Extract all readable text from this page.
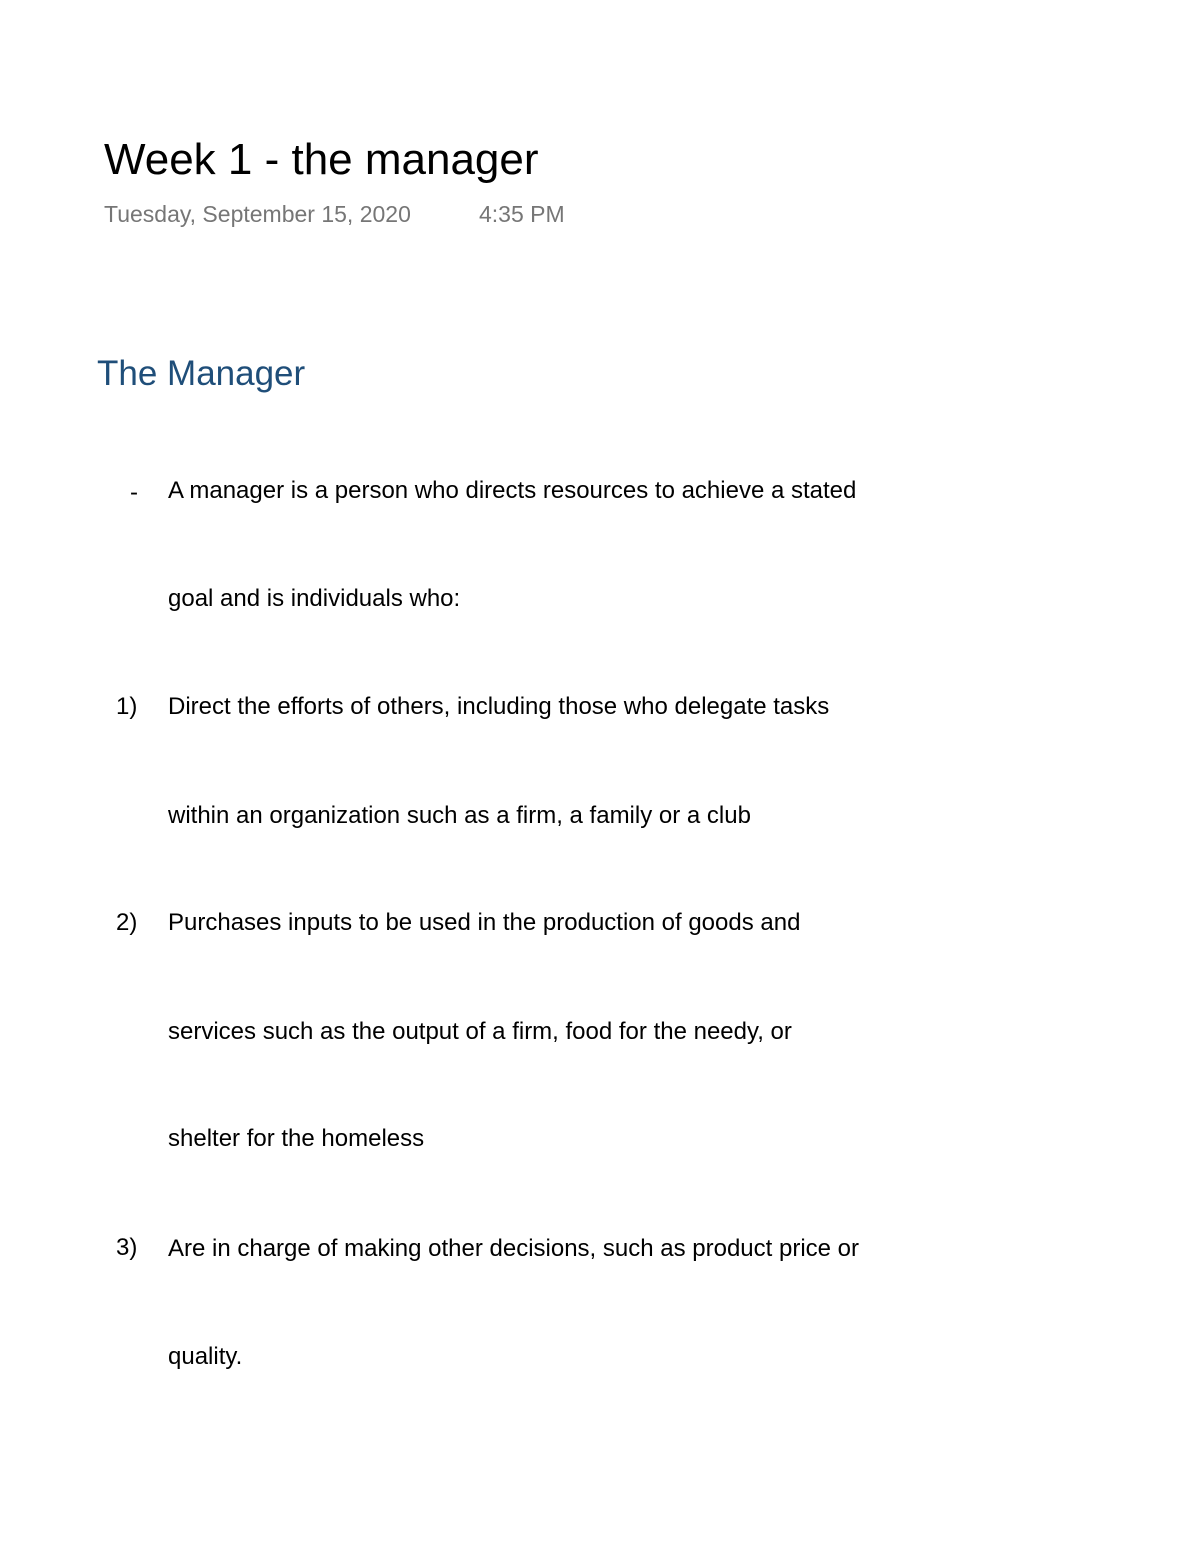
Week 1 - the manager
Tuesday, September 15, 2020	4:35 PM
The Manager
- A manager is a person who directs resources to achieve a stated
goal and is individuals who:
1) Direct the efforts of others, including those who delegate tasks
within an organization such as a firm, a family or a club
2) Purchases inputs to be used in the production of goods and
services such as the output of a firm, food for the needy, or
shelter for the homeless
3) Are in charge of making other decisions, such as product price or
quality.
